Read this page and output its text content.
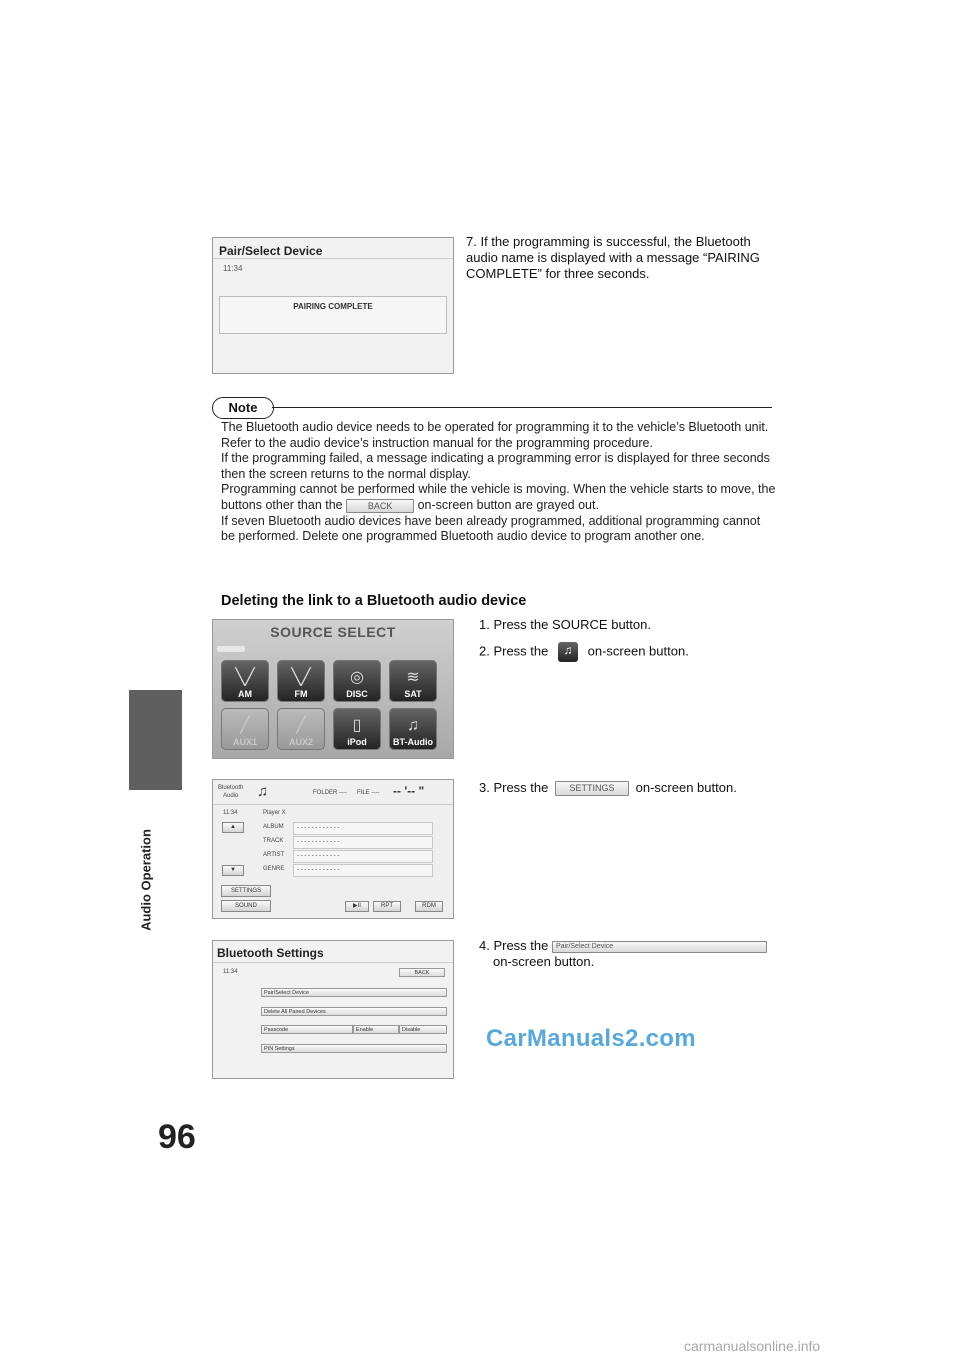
Audio Operation
96
Pair/Select Device
11:34
PAIRING COMPLETE
7. If the programming is successful, the Bluetooth audio name is displayed with a message “PAIRING COMPLETE” for three seconds.
Note
The Bluetooth audio device needs to be operated for programming it to the vehicle’s Bluetooth unit. Refer to the audio device’s instruction manual for the programming procedure.
If the programming failed, a message indicating a programming error is displayed for three seconds then the screen returns to the normal display.
Programming cannot be performed while the vehicle is moving. When the vehicle starts to move, the buttons other than the	BACK on-screen button are grayed out.
If seven Bluetooth audio devices have been already programmed, additional programming cannot be performed. Delete one programmed Bluetooth audio device to program another one.
Deleting the link to a Bluetooth audio device
SOURCE SELECT
╲╱
AM
╲╱
FM
◎
DISC
≋
SAT
╱
AUX1
╱
AUX2
▯
iPod
♫
BT-Audio
1. Press the SOURCE button.
2. Press the ♫ on-screen button.
Bluetooth
Audio ♫	FOLDER ---- FILE ---- -- '-- "
11:34	Player X
▲
▼
SETTINGS
SOUND	▶II	RPT	RDM
ALBUM - - - - - - - - - - - -
TRACK - - - - - - - - - - - -
ARTIST - - - - - - - - - - - -
GENRE - - - - - - - - - - - -
3. Press the SETTINGS on-screen button.
Bluetooth Settings
11:34	BACK
Pair/Select Device
Delete All Paired Devices
Passcode	Enable	Disable
PIN Settings
4. Press the Pair/Select Device
on-screen button.
CarManuals2.com
carmanualsonline.info
